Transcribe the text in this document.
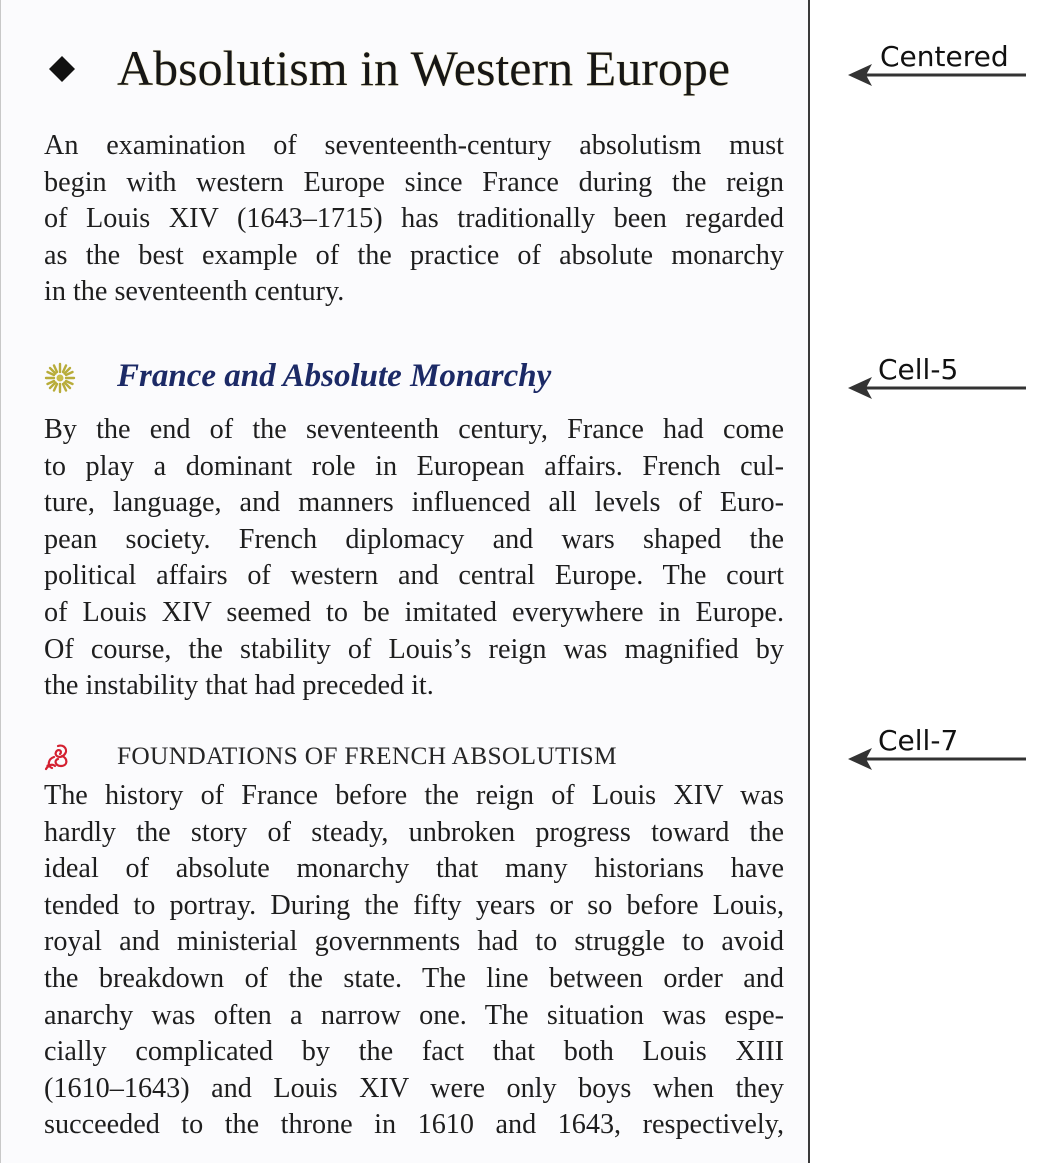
Absolutism in Western Europe
An examination of seventeenth-century absolutism must
begin with western Europe since France during the reign
of Louis XIV (1643–1715) has traditionally been regarded
as the best example of the practice of absolute monarchy
in the seventeenth century.
France and Absolute Monarchy
By the end of the seventeenth century, France had come
to play a dominant role in European affairs. French cul-
ture, language, and manners influenced all levels of Euro-
pean society. French diplomacy and wars shaped the
political affairs of western and central Europe. The court
of Louis XIV seemed to be imitated everywhere in Europe.
Of course, the stability of Louis’s reign was magnified by
the instability that had preceded it.
FOUNDATIONS OF FRENCH ABSOLUTISM
The history of France before the reign of Louis XIV was
hardly the story of steady, unbroken progress toward the
ideal of absolute monarchy that many historians have
tended to portray. During the fifty years or so before Louis,
royal and ministerial governments had to struggle to avoid
the breakdown of the state. The line between order and
anarchy was often a narrow one. The situation was espe-
cially complicated by the fact that both Louis XIII
(1610–1643) and Louis XIV were only boys when they
succeeded to the throne in 1610 and 1643, respectively,
Centered
Cell-5
Cell-7
